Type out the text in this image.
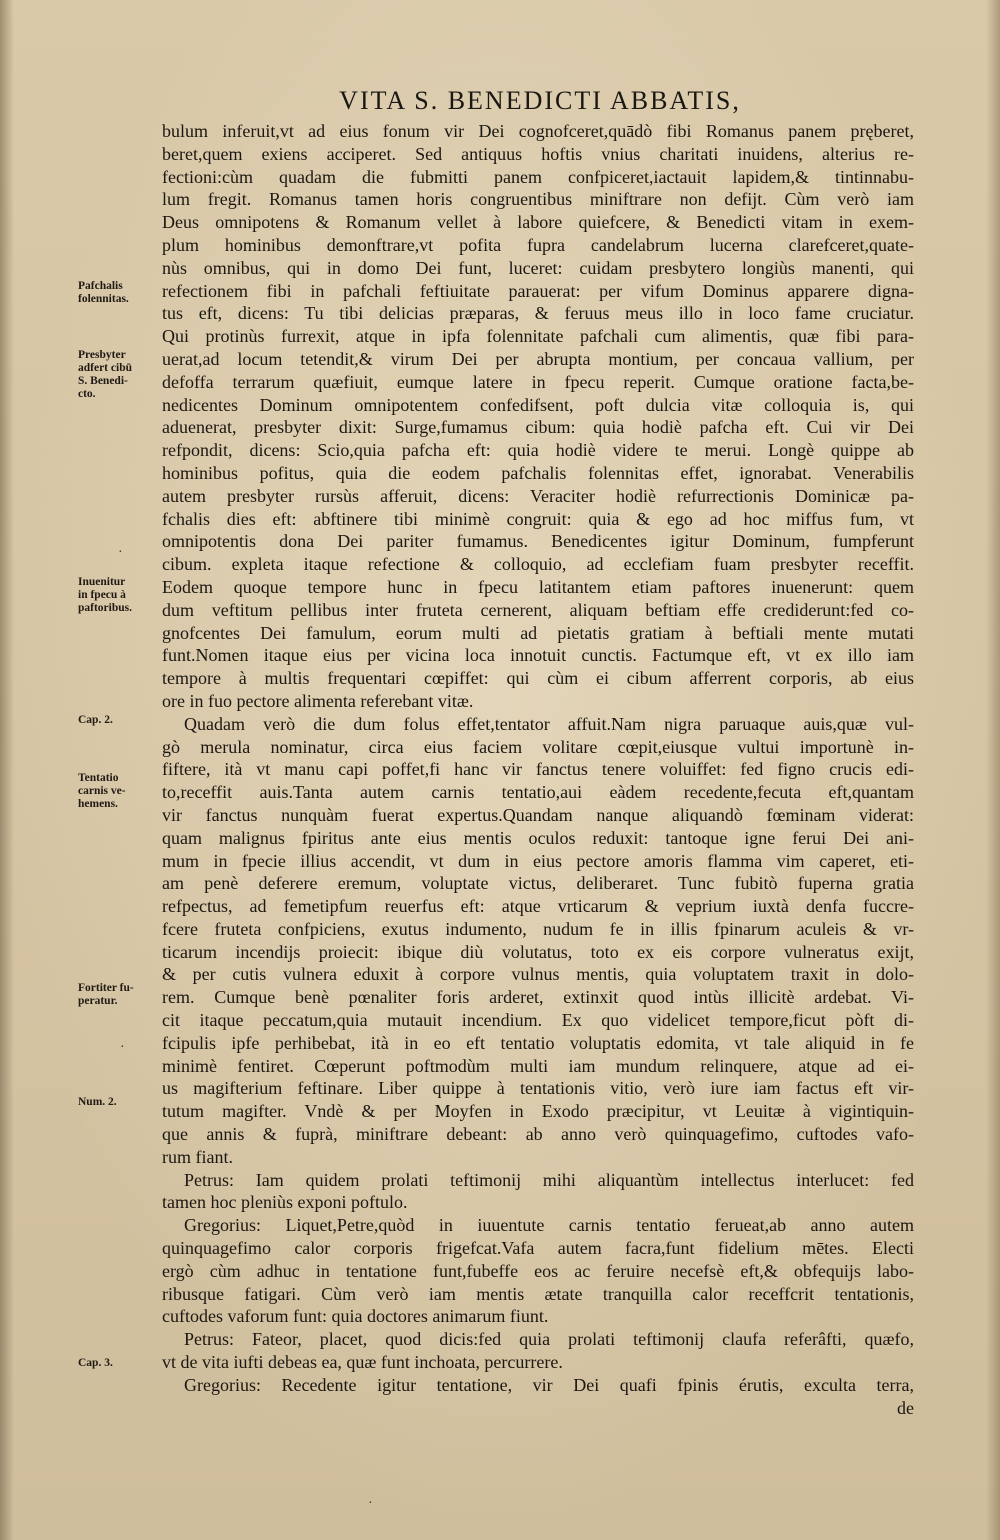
VITA S. BENEDICTI ABBATIS,
bulum inferuit,vt ad eius fonum vir Dei cognofceret,quādò fibi Romanus panem pręberet,
beret,quem exiens acciperet. Sed antiquus hoftis vnius charitati inuidens, alterius re-
fectioni:cùm quadam die fubmitti panem confpiceret,iactauit lapidem,& tintinnabu-
lum fregit. Romanus tamen horis congruentibus miniftrare non defijt. Cùm verò iam
Deus omnipotens & Romanum vellet à labore quiefcere, & Benedicti vitam in exem-
plum hominibus demonftrare,vt pofita fupra candelabrum lucerna clarefceret,quate-
nùs omnibus, qui in domo Dei funt, luceret: cuidam presbytero longiùs manenti, qui
refectionem fibi in pafchali feftiuitate parauerat: per vifum Dominus apparere digna-
tus eft, dicens: Tu tibi delicias præparas, & feruus meus illo in loco fame cruciatur.
Qui protinùs furrexit, atque in ipfa folennitate pafchali cum alimentis, quæ fibi para-
uerat,ad locum tetendit,& virum Dei per abrupta montium, per concaua vallium, per
defoffa terrarum quæfiuit, eumque latere in fpecu reperit. Cumque oratione facta,be-
nedicentes Dominum omnipotentem confedifsent, poft dulcia vitæ colloquia is, qui
aduenerat, presbyter dixit: Surge,fumamus cibum: quia hodiè pafcha eft. Cui vir Dei
refpondit, dicens: Scio,quia pafcha eft: quia hodiè videre te merui. Longè quippe ab
hominibus pofitus, quia die eodem pafchalis folennitas effet, ignorabat. Venerabilis
autem presbyter rursùs afferuit, dicens: Veraciter hodiè refurrectionis Dominicæ pa-
fchalis dies eft: abftinere tibi minimè congruit: quia & ego ad hoc miffus fum, vt
omnipotentis dona Dei pariter fumamus. Benedicentes igitur Dominum, fumpferunt
cibum. expleta itaque refectione & colloquio, ad ecclefiam fuam presbyter receffit.
Eodem quoque tempore hunc in fpecu latitantem etiam paftores inuenerunt: quem
dum veftitum pellibus inter fruteta cernerent, aliquam beftiam effe crediderunt:fed co-
gnofcentes Dei famulum, eorum multi ad pietatis gratiam à beftiali mente mutati
funt.Nomen itaque eius per vicina loca innotuit cunctis. Factumque eft, vt ex illo iam
tempore à multis frequentari cœpiffet: qui cùm ei cibum afferrent corporis, ab eius
ore in fuo pectore alimenta referebant vitæ.
Quadam verò die dum folus effet,tentator affuit.Nam nigra paruaque auis,quæ vul-
gò merula nominatur, circa eius faciem volitare cœpit,eiusque vultui importunè in-
fiftere, ità vt manu capi poffet,fi hanc vir fanctus tenere voluiffet: fed figno crucis edi-
to,receffit auis.Tanta autem carnis tentatio,aui eàdem recedente,fecuta eft,quantam
vir fanctus nunquàm fuerat expertus.Quandam nanque aliquandò fœminam viderat:
quam malignus fpiritus ante eius mentis oculos reduxit: tantoque igne ferui Dei ani-
mum in fpecie illius accendit, vt dum in eius pectore amoris flamma vim caperet, eti-
am penè deferere eremum, voluptate victus, deliberaret. Tunc fubitò fuperna gratia
refpectus, ad femetipfum reuerfus eft: atque vrticarum & veprium iuxtà denfa fuccre-
fcere fruteta confpiciens, exutus indumento, nudum fe in illis fpinarum aculeis & vr-
ticarum incendijs proiecit: ibique diù volutatus, toto ex eis corpore vulneratus exijt,
& per cutis vulnera eduxit à corpore vulnus mentis, quia voluptatem traxit in dolo-
rem. Cumque benè pœnaliter foris arderet, extinxit quod intùs illicitè ardebat. Vi-
cit itaque peccatum,quia mutauit incendium. Ex quo videlicet tempore,ficut pòft di-
fcipulis ipfe perhibebat, ità in eo eft tentatio voluptatis edomita, vt tale aliquid in fe
minimè fentiret. Cœperunt poftmodùm multi iam mundum relinquere, atque ad ei-
us magifterium feftinare. Liber quippe à tentationis vitio, verò iure iam factus eft vir-
tutum magifter. Vndè & per Moyfen in Exodo præcipitur, vt Leuitæ à vigintiquin-
que annis & fuprà, miniftrare debeant: ab anno verò quinquagefimo, cuftodes vafo-
rum fiant.
Petrus: Iam quidem prolati teftimonij mihi aliquantùm intellectus interlucet: fed
tamen hoc pleniùs exponi poftulo.
Gregorius: Liquet,Petre,quòd in iuuentute carnis tentatio ferueat,ab anno autem
quinquagefimo calor corporis frigefcat.Vafa autem facra,funt fidelium mētes. Electi
ergò cùm adhuc in tentatione funt,fubeffe eos ac feruire necefsè eft,& obfequijs labo-
ribusque fatigari. Cùm verò iam mentis ætate tranquilla calor receffcrit tentationis,
cuftodes vaforum funt: quia doctores animarum fiunt.
Petrus: Fateor, placet, quod dicis:fed quia prolati teftimonij claufa referâfti, quæfo,
vt de vita iufti debeas ea, quæ funt inchoata, percurrere.
Gregorius: Recedente igitur tentatione, vir Dei quafi fpinis érutis, exculta terra,
de
Pafchalis
folennitas.
Presbyter
adfert cibū
S. Benedi-
cto.
Inuenitur
in fpecu à
paftoribus.
Cap. 2.
Tentatio
carnis ve-
hemens.
Fortiter fu-
peratur.
Num. 2.
Cap. 3.
·
·
·
